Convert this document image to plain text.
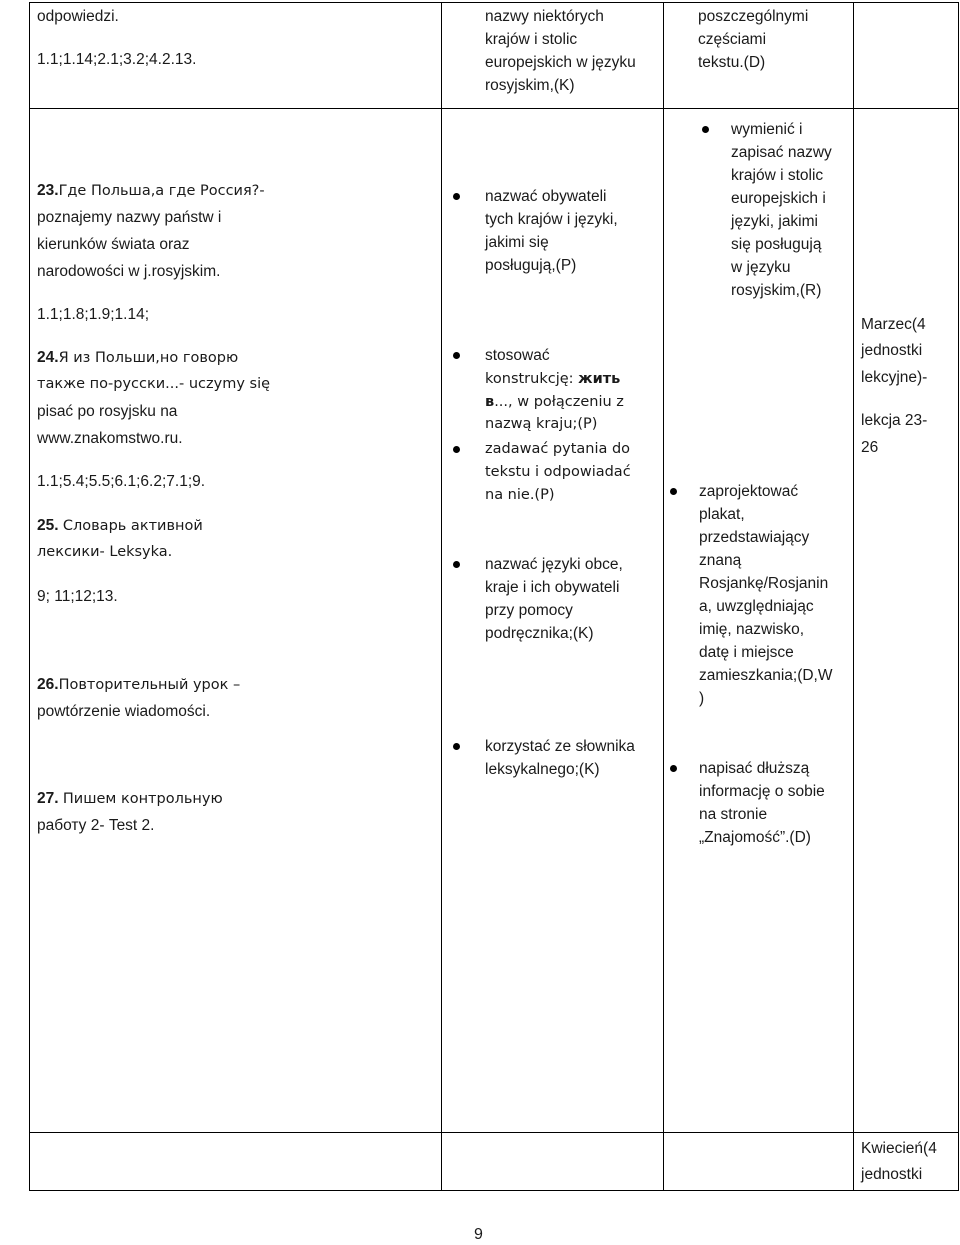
odpowiedzi.
1.1;1.14;2.1;3.2;4.2.13.
23.Где Польша,а где Россия?-
poznajemy nazwy państw i
kierunków świata oraz
narodowości w j.rosyjskim.
1.1;1.8;1.9;1.14;
24.Я из Польши,но говорю
также по-русски...- uczymy się
pisać po rosyjsku na
www.znakomstwo.ru.
1.1;5.4;5.5;6.1;6.2;7.1;9.
25. Словарь активной
лексики- Leksyka.
9; 11;12;13.
26.Повторительный урок –
powtórzenie wiadomości.
27. Пишем контрольную
работу 2- Test 2.
nazwy niektórych
krajów i stolic
europejskich w języku
rosyjskim,(K)
nazwać obywateli
tych krajów i języki,
jakimi się
posługują,(P)
stosować
konstrukcję: жить
в..., w połączeniu z
nazwą kraju;(P)
zadawać pytania do
tekstu i odpowiadać
na nie.(P)
nazwać języki obce,
kraje i ich obywateli
przy pomocy
podręcznika;(K)
korzystać ze słownika
leksykalnego;(K)
poszczególnymi
częściami
tekstu.(D)
wymienić i
zapisać nazwy
krajów i stolic
europejskich i
języki, jakimi
się posługują
w języku
rosyjskim,(R)
zaprojektować
plakat,
przedstawiający
znaną
Rosjankę/Rosjanin
a, uwzględniając
imię, nazwisko,
datę i miejsce
zamieszkania;(D,W
)
napisać dłuższą
informację o sobie
na stronie
„Znajomość”.(D)
Marzec(4
jednostki
lekcyjne)-
lekcja 23-
26
Kwiecień(4
jednostki
9
